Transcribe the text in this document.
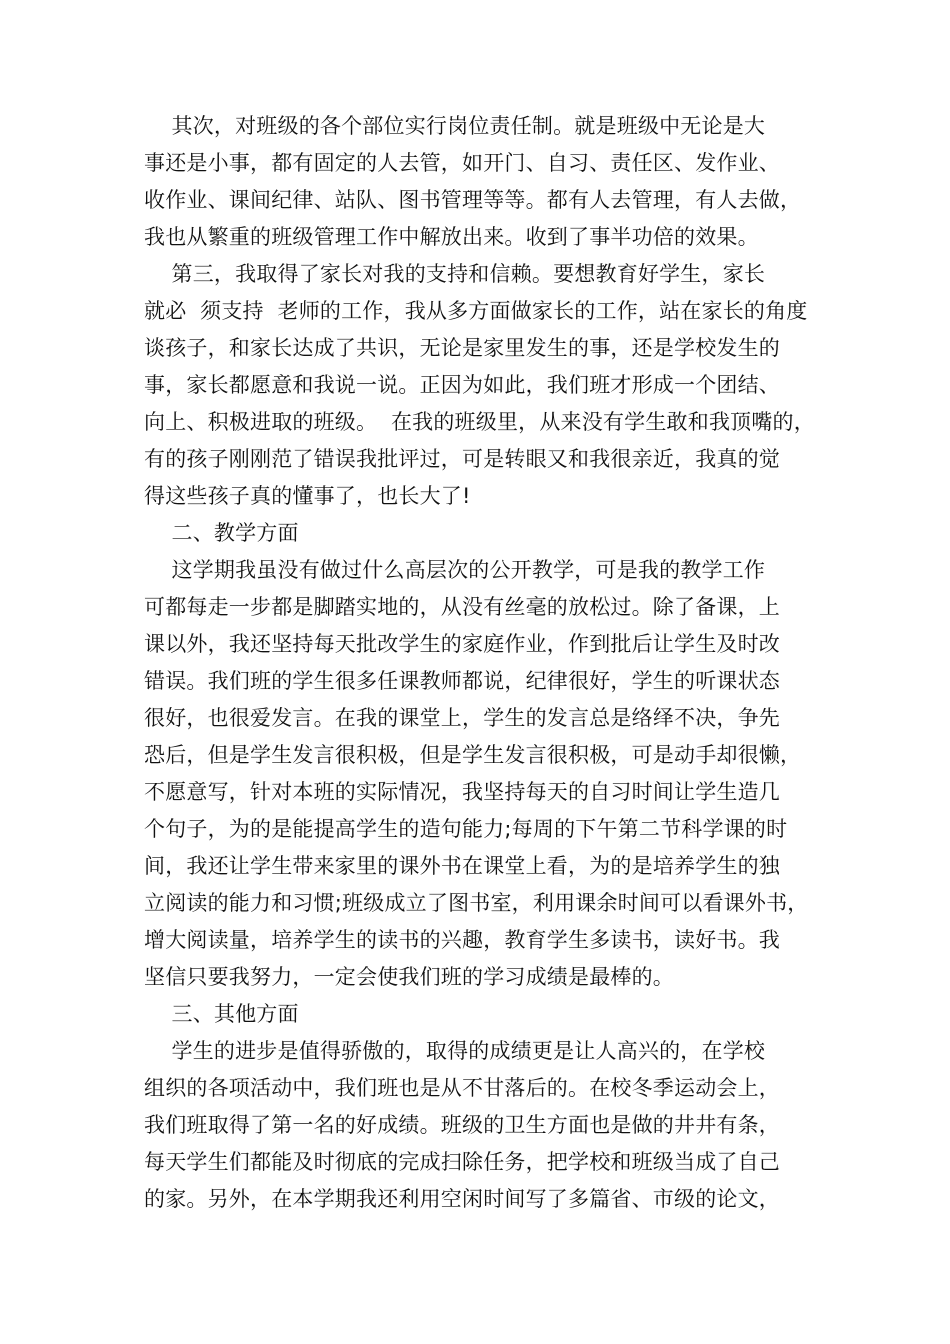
其次，对班级的各个部位实行岗位责任制。就是班级中无论是大
事还是小事，都有固定的人去管，如开门、自习、责任区、发作业、
收作业、课间纪律、站队、图书管理等等。都有人去管理，有人去做，
我也从繁重的班级管理工作中解放出来。收到了事半功倍的效果。
第三，我取得了家长对我的支持和信赖。要想教育好学生，家长
就必  须支持  老师的工作，我从多方面做家长的工作，站在家长的角度
谈孩子，和家长达成了共识，无论是家里发生的事，还是学校发生的
事，家长都愿意和我说一说。正因为如此，我们班才形成一个团结、
向上、积极进取的班级。  在我的班级里，从来没有学生敢和我顶嘴的，
有的孩子刚刚范了错误我批评过，可是转眼又和我很亲近，我真的觉
得这些孩子真的懂事了，也长大了!
二、教学方面
这学期我虽没有做过什么高层次的公开教学，可是我的教学工作
可都每走一步都是脚踏实地的，从没有丝毫的放松过。除了备课，上
课以外，我还坚持每天批改学生的家庭作业，作到批后让学生及时改
错误。我们班的学生很多任课教师都说，纪律很好，学生的听课状态
很好，也很爱发言。在我的课堂上，学生的发言总是络绎不决，争先
恐后，但是学生发言很积极，但是学生发言很积极，可是动手却很懒，
不愿意写，针对本班的实际情况，我坚持每天的自习时间让学生造几
个句子，为的是能提高学生的造句能力;每周的下午第二节科学课的时
间，我还让学生带来家里的课外书在课堂上看，为的是培养学生的独
立阅读的能力和习惯;班级成立了图书室，利用课余时间可以看课外书，
增大阅读量，培养学生的读书的兴趣，教育学生多读书，读好书。我
坚信只要我努力，一定会使我们班的学习成绩是最棒的。
三、其他方面
学生的进步是值得骄傲的，取得的成绩更是让人高兴的，在学校
组织的各项活动中，我们班也是从不甘落后的。在校冬季运动会上，
我们班取得了第一名的好成绩。班级的卫生方面也是做的井井有条，
每天学生们都能及时彻底的完成扫除任务，把学校和班级当成了自己
的家。另外，在本学期我还利用空闲时间写了多篇省、市级的论文，
